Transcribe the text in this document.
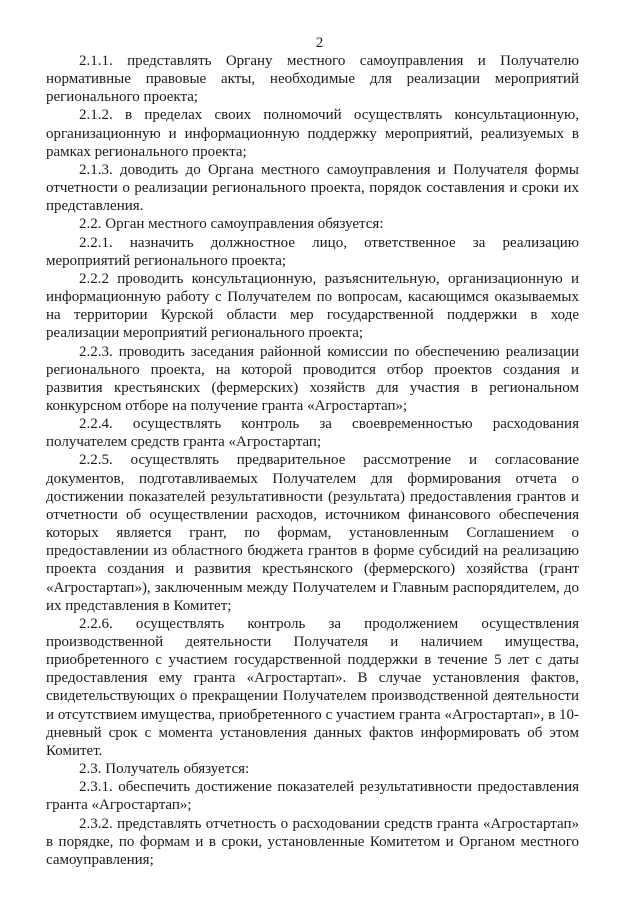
2

2.1.1. представлять Органу местного самоуправления и Получателю нормативные правовые акты, необходимые для реализации мероприятий регионального проекта;

2.1.2. в пределах своих полномочий осуществлять консультационную, организационную и информационную поддержку мероприятий, реализуемых в рамках регионального проекта;

2.1.3. доводить до Органа местного самоуправления и Получателя формы отчетности о реализации регионального проекта, порядок составления и сроки их представления.

2.2. Орган местного самоуправления обязуется:

2.2.1. назначить должностное лицо, ответственное за реализацию мероприятий регионального проекта;

2.2.2 проводить консультационную, разъяснительную, организационную и информационную работу с Получателем по вопросам, касающимся оказываемых на территории Курской области мер государственной поддержки в ходе реализации мероприятий регионального проекта;

2.2.3. проводить заседания районной комиссии по обеспечению реализации регионального проекта, на которой проводится отбор проектов создания и развития крестьянских (фермерских) хозяйств для участия в региональном конкурсном отборе на получение гранта «Агростартап»;

2.2.4. осуществлять контроль за своевременностью расходования получателем средств гранта «Агростартап;

2.2.5. осуществлять предварительное рассмотрение и согласование документов, подготавливаемых Получателем для формирования отчета о достижении показателей результативности (результата) предоставления грантов и отчетности об осуществлении расходов, источником финансового обеспечения которых является грант, по формам, установленным Соглашением о предоставлении из областного бюджета грантов в форме субсидий на реализацию проекта создания и развития крестьянского (фермерского) хозяйства (грант «Агростартап»), заключенным между Получателем и Главным распорядителем, до их представления в Комитет;

2.2.6. осуществлять контроль за продолжением осуществления производственной деятельности Получателя и наличием имущества, приобретенного с участием государственной поддержки в течение 5 лет с даты предоставления ему гранта «Агростартап». В случае установления фактов, свидетельствующих о прекращении Получателем производственной деятельности и отсутствием имущества, приобретенного с участием гранта «Агростартап», в 10-дневный срок с момента установления данных фактов информировать об этом Комитет.

2.3. Получатель обязуется:

2.3.1. обеспечить достижение показателей результативности предоставления гранта «Агростартап»;

2.3.2. представлять отчетность о расходовании средств гранта «Агростартап» в порядке, по формам и в сроки, установленные Комитетом и Органом местного самоуправления;
